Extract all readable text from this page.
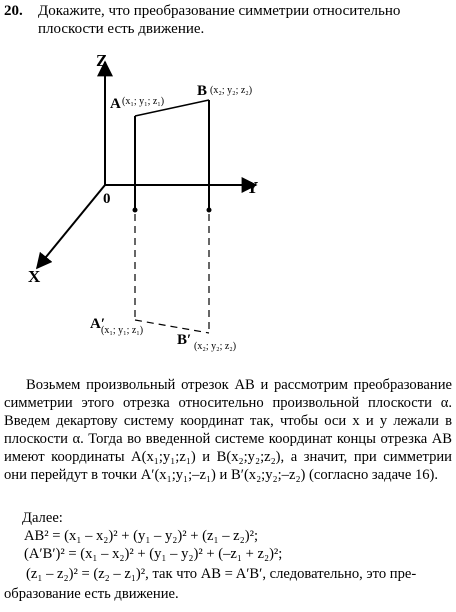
20. Докажите, что преобразование симметрии относительно плоскости есть движение.
Z
Y
X
0
A (x₁; y₁; z₁)
B (x₂; y₂; z₂)
A′
(x₁; y₁; z₁)
B′ (x₂; y₂; z₂)

Возьмем произвольный отрезок AB и рассмотрим преобразование симметрии этого отрезка относительно произвольной плоскости α. Введем декартову систему координат так, чтобы оси x и y лежали в плоскости α. Тогда во введенной системе координат концы отрезка AB имеют координаты A(x₁;y₁;z₁) и B(x₂;y₂;z₂), а значит, при симметрии они перейдут в точки A′(x₁;y₁;–z₁) и B′(x₂;y₂;–z₂) (согласно задаче 16).

Далее:
AB² = (x₁ – x₂)² + (y₁ – y₂)² + (z₁ – z₂)²;
(A′B′)² = (x₁ – x₂)² + (y₁ – y₂)² + (–z₁ + z₂)²;
(z₁ – z₂)² = (z₂ – z₁)², так что AB = A′B′, следовательно, это пре-
образование есть движение.
